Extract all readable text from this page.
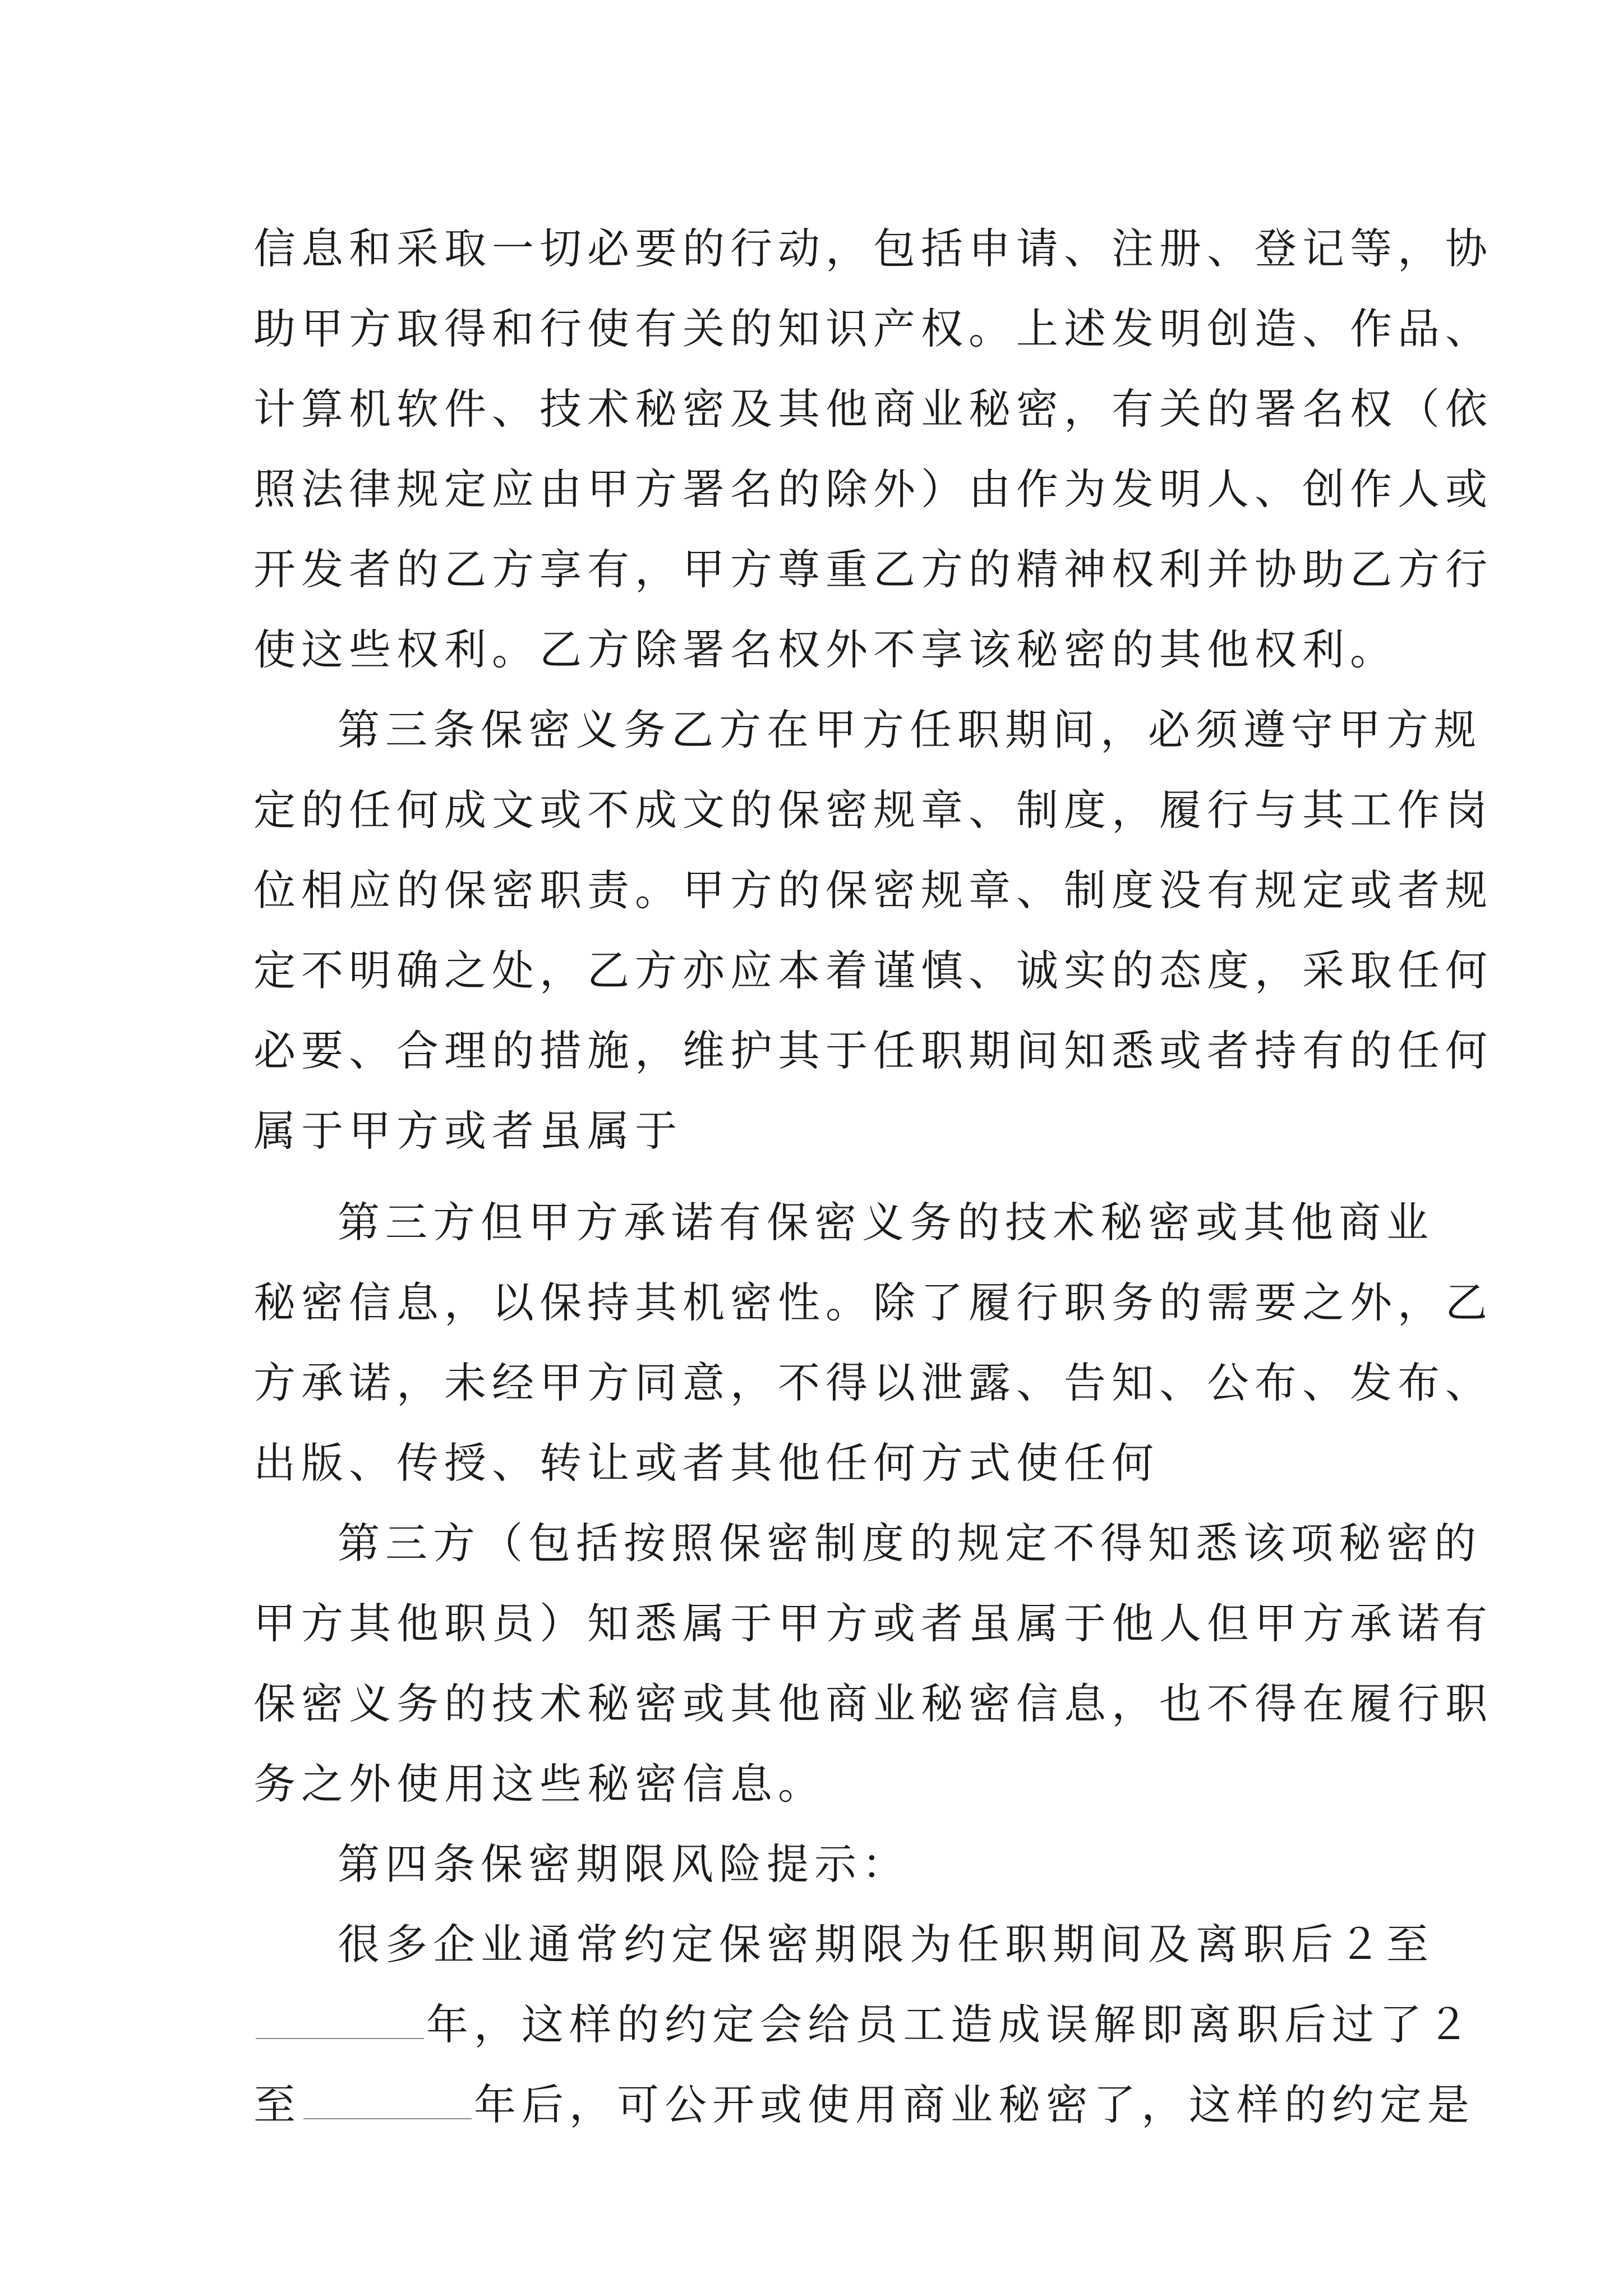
信息和采取一切必要的行动，包括申请、注册、登记等，协
助甲方取得和行使有关的知识产权。上述发明创造、作品、
计算机软件、技术秘密及其他商业秘密，有关的署名权（依
照法律规定应由甲方署名的除外）由作为发明人、创作人或
开发者的乙方享有，甲方尊重乙方的精神权利并协助乙方行
使这些权利。乙方除署名权外不享该秘密的其他权利。
第三条保密义务乙方在甲方任职期间，必须遵守甲方规
定的任何成文或不成文的保密规章、制度，履行与其工作岗
位相应的保密职责。甲方的保密规章、制度没有规定或者规
定不明确之处，乙方亦应本着谨慎、诚实的态度，采取任何
必要、合理的措施，维护其于任职期间知悉或者持有的任何
属于甲方或者虽属于
第三方但甲方承诺有保密义务的技术秘密或其他商业
秘密信息，以保持其机密性。除了履行职务的需要之外，乙
方承诺，未经甲方同意，不得以泄露、告知、公布、发布、
出版、传授、转让或者其他任何方式使任何
第三方（包括按照保密制度的规定不得知悉该项秘密的
甲方其他职员）知悉属于甲方或者虽属于他人但甲方承诺有
保密义务的技术秘密或其他商业秘密信息，也不得在履行职
务之外使用这些秘密信息。
第四条保密期限风险提示：
很多企业通常约定保密期限为任职期间及离职后２至
年，这样的约定会给员工造成误解即离职后过了２
至	年后，可公开或使用商业秘密了，这样的约定是
